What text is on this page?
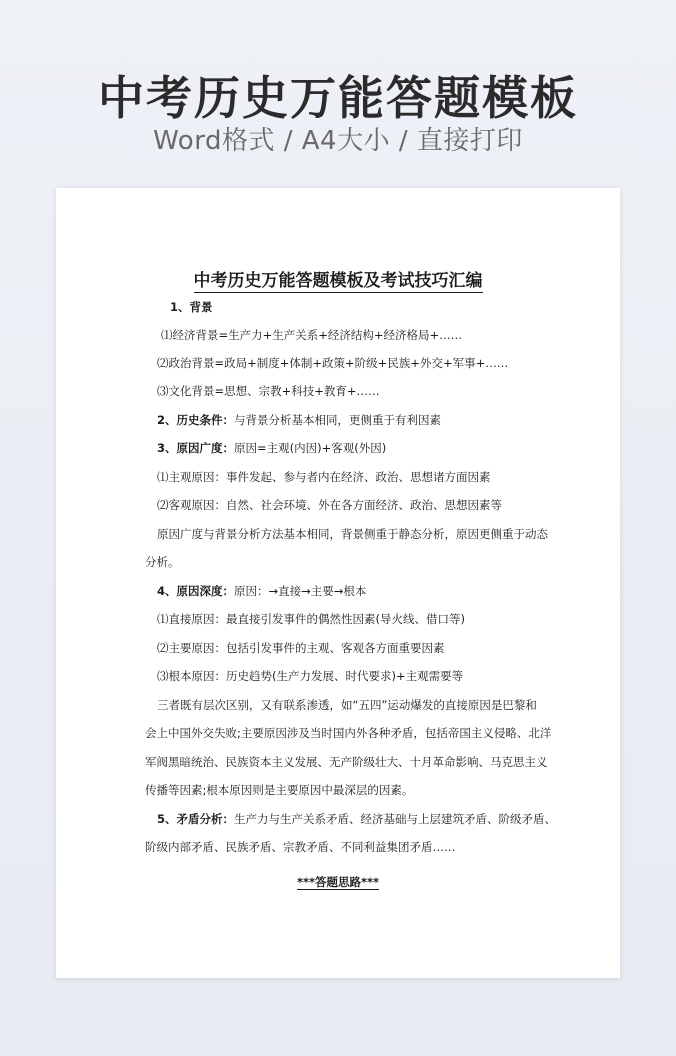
中考历史万能答题模板
Word格式 / A4大小 / 直接打印
中考历史万能答题模板及考试技巧汇编
1、背景
⑴经济背景=生产力+生产关系+经济结构+经济格局+……
⑵政治背景=政局+制度+体制+政策+阶级+民族+外交+军事+……
⑶文化背景=思想、宗教+科技+教育+……
2、历史条件：与背景分析基本相同，更侧重于有利因素
3、原因广度：原因=主观(内因)+客观(外因)
⑴主观原因：事件发起、参与者内在经济、政治、思想诸方面因素
⑵客观原因：自然、社会环境、外在各方面经济、政治、思想因素等
原因广度与背景分析方法基本相同，背景侧重于静态分析，原因更侧重于动态
分析。
4、原因深度：原因：→直接→主要→根本
⑴直接原因：最直接引发事件的偶然性因素(导火线、借口等)
⑵主要原因：包括引发事件的主观、客观各方面重要因素
⑶根本原因：历史趋势(生产力发展、时代要求)+主观需要等
三者既有层次区别，又有联系渗透，如“五四”运动爆发的直接原因是巴黎和
会上中国外交失败;主要原因涉及当时国内外各种矛盾，包括帝国主义侵略、北洋
军阀黑暗统治、民族资本主义发展、无产阶级壮大、十月革命影响、马克思主义
传播等因素;根本原因则是主要原因中最深层的因素。
5、矛盾分析：生产力与生产关系矛盾、经济基础与上层建筑矛盾、阶级矛盾、
阶级内部矛盾、民族矛盾、宗教矛盾、不同利益集团矛盾……
***答题思路***
